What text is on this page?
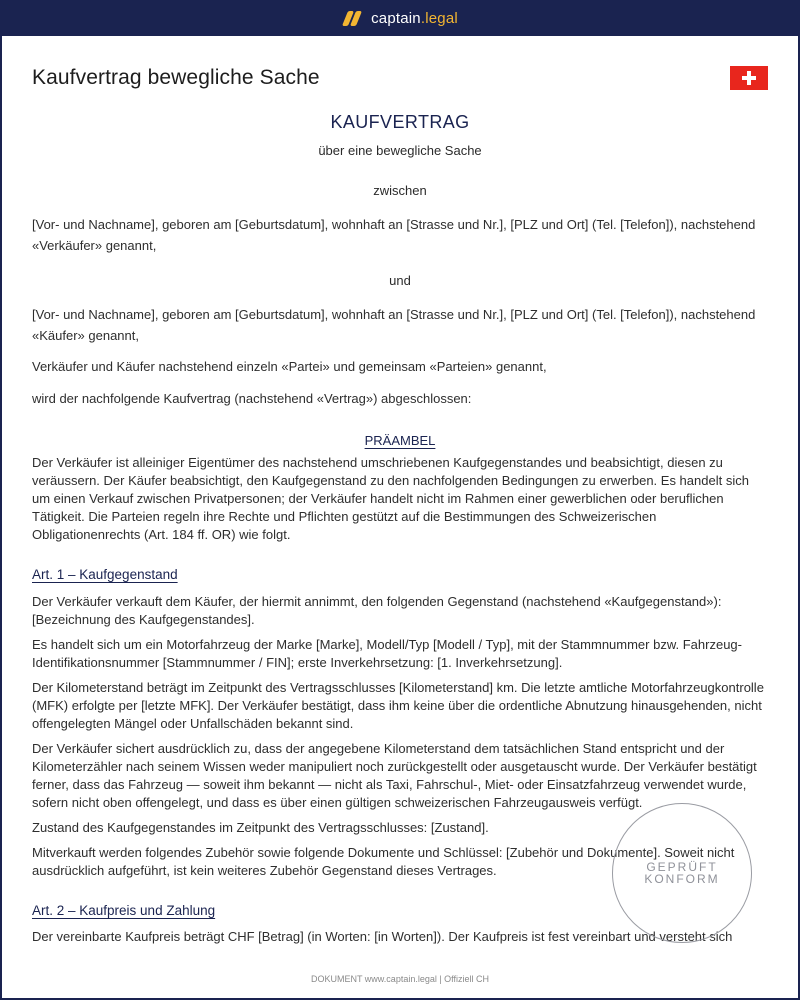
captain.legal
Kaufvertrag bewegliche Sache
KAUFVERTRAG

über eine bewegliche Sache

zwischen

[Vor- und Nachname], geboren am [Geburtsdatum], wohnhaft an [Strasse und Nr.], [PLZ und Ort] (Tel. [Telefon]), nachstehend «Verkäufer» genannt,

und

[Vor- und Nachname], geboren am [Geburtsdatum], wohnhaft an [Strasse und Nr.], [PLZ und Ort] (Tel. [Telefon]), nachstehend «Käufer» genannt,

Verkäufer und Käufer nachstehend einzeln «Partei» und gemeinsam «Parteien» genannt,

wird der nachfolgende Kaufvertrag (nachstehend «Vertrag») abgeschlossen:

PRÄAMBEL

Der Verkäufer ist alleiniger Eigentümer des nachstehend umschriebenen Kaufgegenstandes und beabsichtigt, diesen zu veräussern. Der Käufer beabsichtigt, den Kaufgegenstand zu den nachfolgenden Bedingungen zu erwerben. Es handelt sich um einen Verkauf zwischen Privatpersonen; der Verkäufer handelt nicht im Rahmen einer gewerblichen oder beruflichen Tätigkeit. Die Parteien regeln ihre Rechte und Pflichten gestützt auf die Bestimmungen des Schweizerischen Obligationenrechts (Art. 184 ff. OR) wie folgt.

Art. 1 – Kaufgegenstand

Der Verkäufer verkauft dem Käufer, der hiermit annimmt, den folgenden Gegenstand (nachstehend «Kaufgegenstand»): [Bezeichnung des Kaufgegenstandes].

Es handelt sich um ein Motorfahrzeug der Marke [Marke], Modell/Typ [Modell / Typ], mit der Stammnummer bzw. Fahrzeug-Identifikationsnummer [Stammnummer / FIN]; erste Inverkehrsetzung: [1. Inverkehrsetzung].

Der Kilometerstand beträgt im Zeitpunkt des Vertragsschlusses [Kilometerstand] km. Die letzte amtliche Motorfahrzeugkontrolle (MFK) erfolgte per [letzte MFK]. Der Verkäufer bestätigt, dass ihm keine über die ordentliche Abnutzung hinausgehenden, nicht offengelegten Mängel oder Unfallschäden bekannt sind.

Der Verkäufer sichert ausdrücklich zu, dass der angegebene Kilometerstand dem tatsächlichen Stand entspricht und der Kilometerzähler nach seinem Wissen weder manipuliert noch zurückgestellt oder ausgetauscht wurde. Der Verkäufer bestätigt ferner, dass das Fahrzeug — soweit ihm bekannt — nicht als Taxi, Fahrschul-, Miet- oder Einsatzfahrzeug verwendet wurde, sofern nicht oben offengelegt, und dass es über einen gültigen schweizerischen Fahrzeugausweis verfügt.

Zustand des Kaufgegenstandes im Zeitpunkt des Vertragsschlusses: [Zustand].

Mitverkauft werden folgendes Zubehör sowie folgende Dokumente und Schlüssel: [Zubehör und Dokumente]. Soweit nicht ausdrücklich aufgeführt, ist kein weiteres Zubehör Gegenstand dieses Vertrages.

Art. 2 – Kaufpreis und Zahlung

Der vereinbarte Kaufpreis beträgt CHF [Betrag] (in Worten: [in Worten]). Der Kaufpreis ist fest vereinbart und versteht sich

GEPRÜFT
KONFORM
DOKUMENT www.captain.legal | Offiziell CH
